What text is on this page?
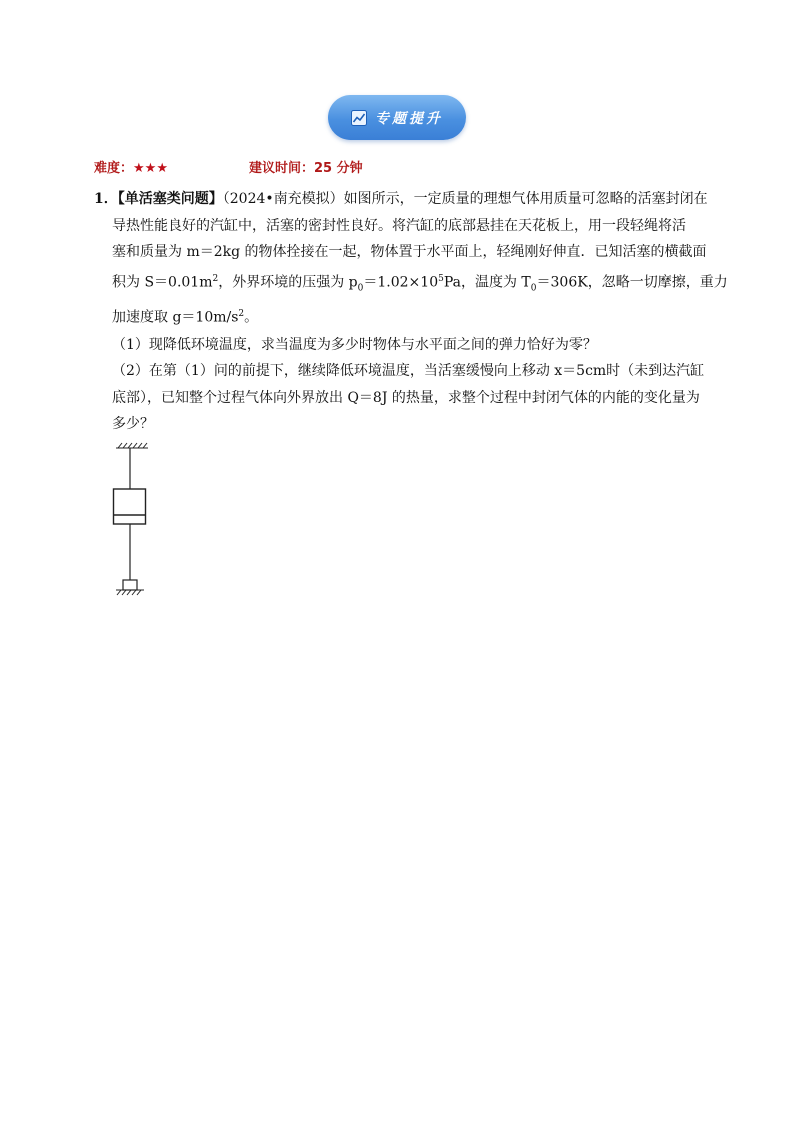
专题提升
难度：★★★	建议时间：25 分钟
1．【单活塞类问题】（2024•南充模拟）如图所示，一定质量的理想气体用质量可忽略的活塞封闭在
导热性能良好的汽缸中，活塞的密封性良好。将汽缸的底部悬挂在天花板上，用一段轻绳将活
塞和质量为 m＝2kg 的物体拴接在一起，物体置于水平面上，轻绳刚好伸直．已知活塞的横截面
积为 $S=0.01m^2$，外界环境的压强为 $p_0=1.02\times 10^5Pa$，温度为 $T_0=306K$，忽略一切摩擦，重力
加速度取 $g=10m/s^2$。
（1）现降低环境温度，求当温度为多少时物体与水平面之间的弹力恰好为零？
（2）在第（1）问的前提下，继续降低环境温度，当活塞缓慢向上移动 x＝5cm时（未到达汽缸
底部），已知整个过程气体向外界放出 Q＝8J 的热量，求整个过程中封闭气体的内能的变化量为
多少？
